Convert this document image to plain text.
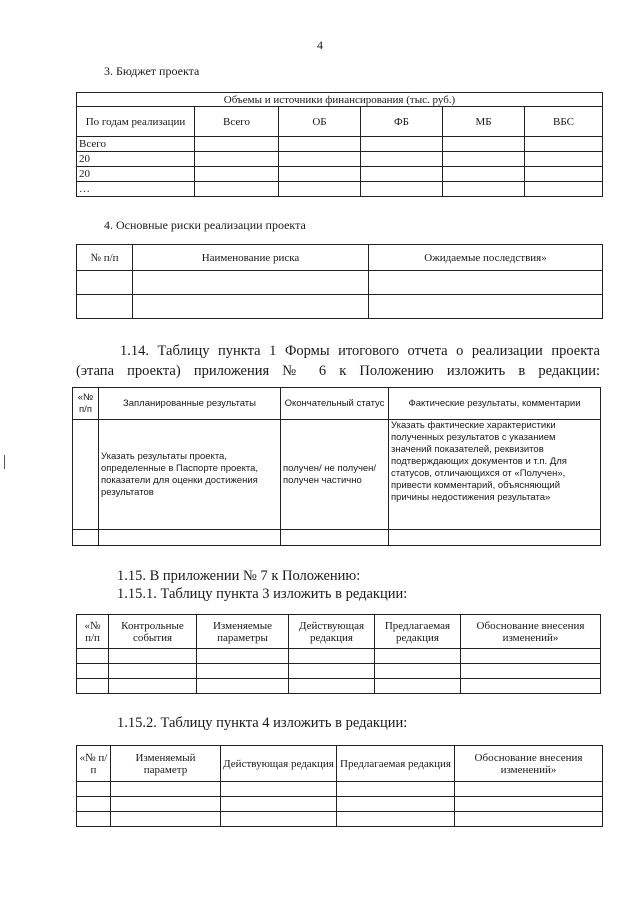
4
3. Бюджет проекта
Объемы и источники финансирования (тыс. руб.)					
По годам реализации	Всего	ОБ	ФБ	МБ	ВБС
Всего					
20					
20					
…					
4. Основные риски реализации проекта
№ п/п	Наименование риска	Ожидаемые последствия»

1.14. Таблицу пункта 1 Формы итогового отчета о реализации проекта
(этапа проекта) приложения № 6 к Положению изложить в редакции:
«№ п/п	Запланированные результаты	Окончательный статус	Фактические результаты, комментарии
	Указать результаты проекта, определенные в Паспорте проекта, показатели для оценки достижения результатов	получен/ не получен/ получен частично	Указать фактические характеристики полученных результатов с указанием значений показателей, реквизитов подтверждающих документов и т.п. Для статусов, отличающихся от «Получен», привести комментарий, объясняющий причины недостижения результата»

1.15. В приложении № 7 к Положению:
1.15.1. Таблицу пункта 3 изложить в редакции:
«№ п/п	Контрольные события	Изменяемые параметры	Действующая редакция	Предлагаемая редакция	Обоснование внесения изменений»

1.15.2. Таблицу пункта 4 изложить в редакции:
«№ п/п	Изменяемый параметр	Действующая редакция	Предлагаемая редакция	Обоснование внесения изменений»
